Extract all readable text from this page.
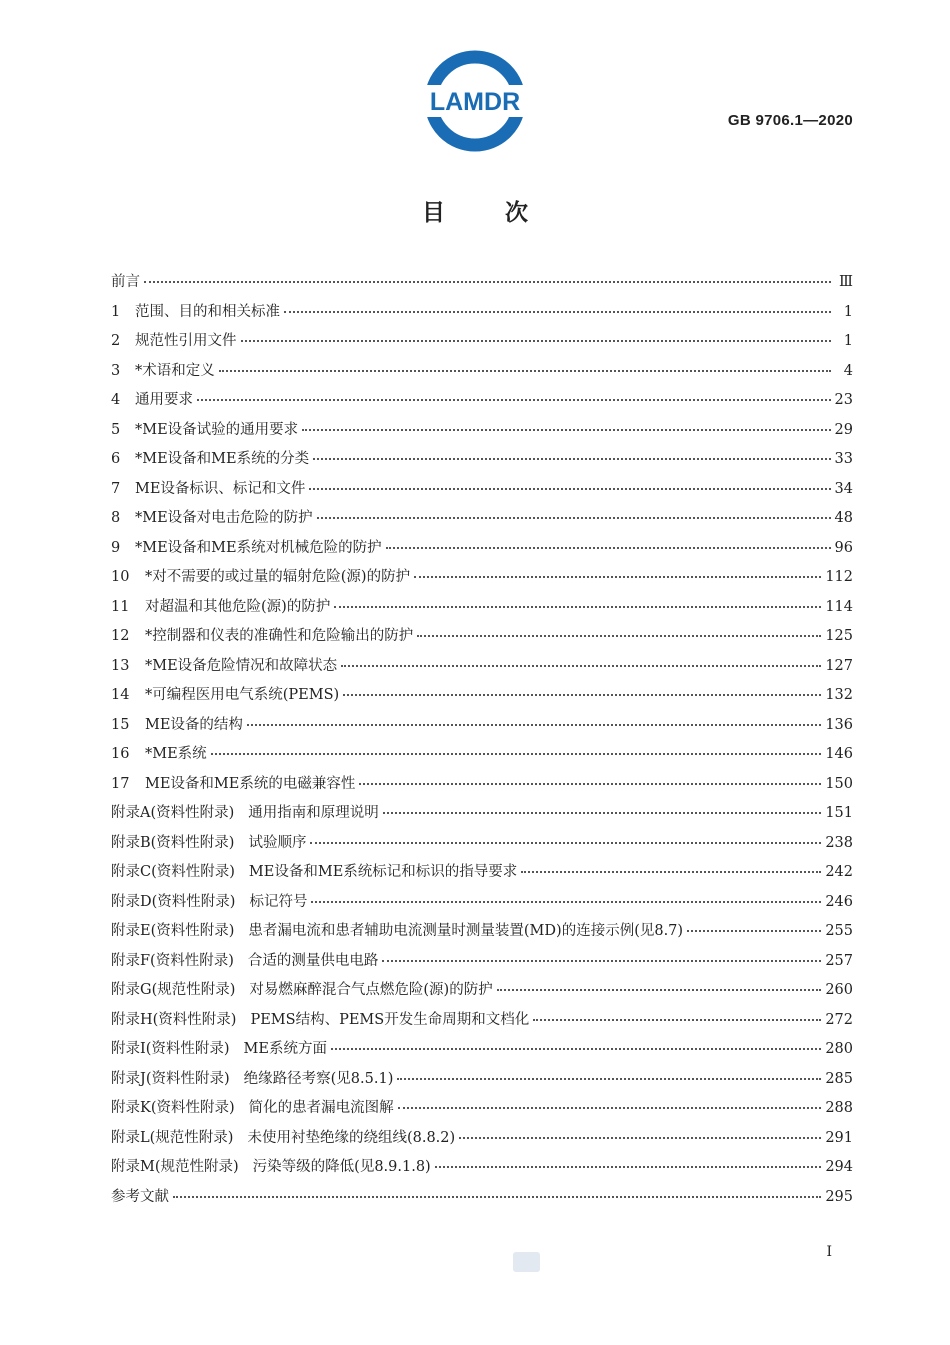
LAMDR
GB 9706.1—2020
目次
前言	Ⅲ
1	范围、目的和相关标准	1
2	规范性引用文件	1
3	*术语和定义	4
4	通用要求	23
5	*ME设备试验的通用要求	29
6	*ME设备和ME系统的分类	33
7	ME设备标识、标记和文件	34
8	*ME设备对电击危险的防护	48
9	*ME设备和ME系统对机械危险的防护	96
10	*对不需要的或过量的辐射危险(源)的防护	112
11	对超温和其他危险(源)的防护	114
12	*控制器和仪表的准确性和危险输出的防护	125
13	*ME设备危险情况和故障状态	127
14	*可编程医用电气系统(PEMS)	132
15	ME设备的结构	136
16	*ME系统	146
17	ME设备和ME系统的电磁兼容性	150
附录A(资料性附录) 通用指南和原理说明	151
附录B(资料性附录) 试验顺序	238
附录C(资料性附录) ME设备和ME系统标记和标识的指导要求	242
附录D(资料性附录) 标记符号	246
附录E(资料性附录) 患者漏电流和患者辅助电流测量时测量装置(MD)的连接示例(见8.7)	255
附录F(资料性附录) 合适的测量供电电路	257
附录G(规范性附录) 对易燃麻醉混合气点燃危险(源)的防护	260
附录H(资料性附录) PEMS结构、PEMS开发生命周期和文档化	272
附录I(资料性附录) ME系统方面	280
附录J(资料性附录) 绝缘路径考察(见8.5.1)	285
附录K(资料性附录) 简化的患者漏电流图解	288
附录L(规范性附录) 未使用衬垫绝缘的绕组线(8.8.2)	291
附录M(规范性附录) 污染等级的降低(见8.9.1.8)	294
参考文献	295
I
